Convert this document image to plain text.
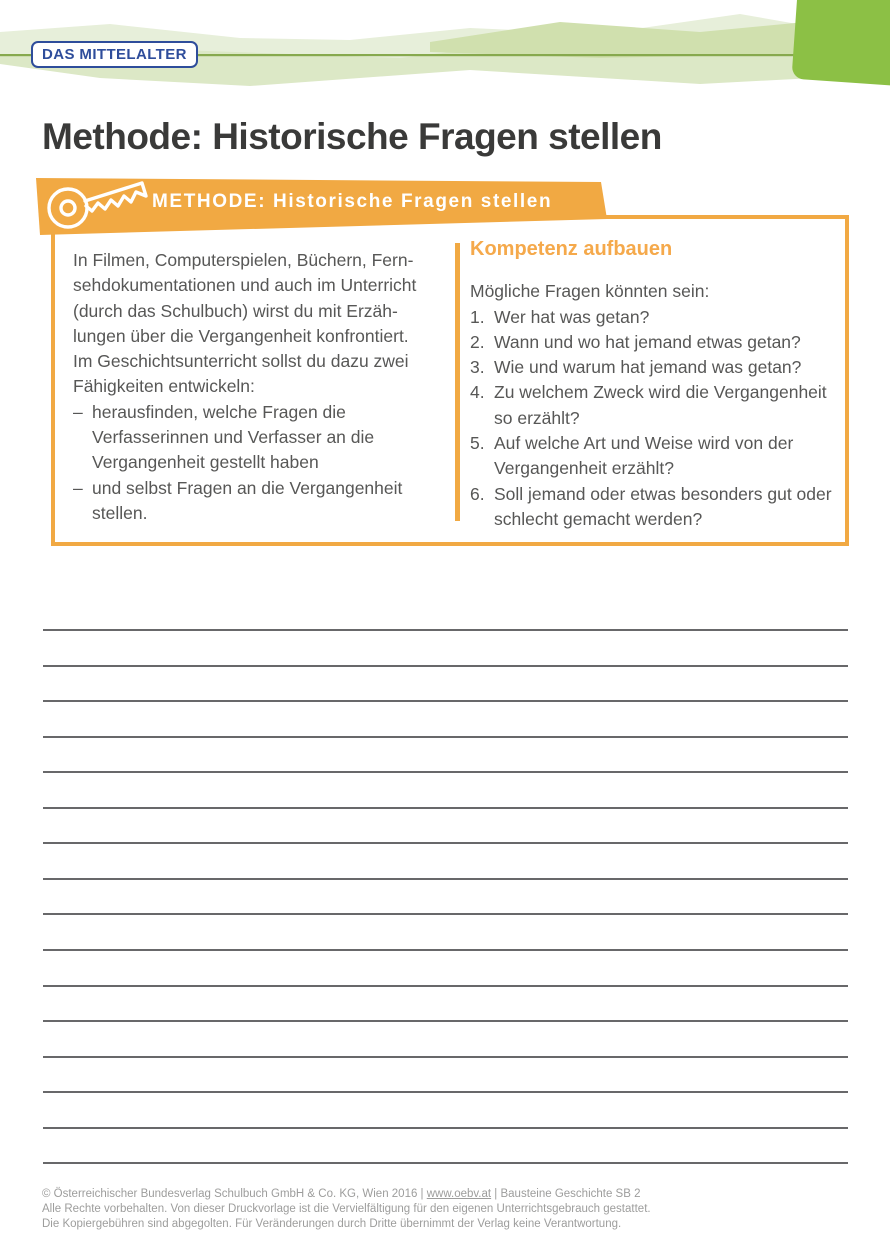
DAS MITTELALTER
Methode: Historische Fragen stellen
In Filmen, Computerspielen, Büchern, Fern-
sehdokumentationen und auch im Unterricht
(durch das Schulbuch) wirst du mit Erzäh-
lungen über die Vergangenheit konfrontiert.
Im Geschichtsunterricht sollst du dazu zwei
Fähigkeiten entwickeln:
– herausfinden, welche Fragen die
Verfasserinnen und Verfasser an die
Vergangenheit gestellt haben
– und selbst Fragen an die Vergangenheit
stellen.

Kompetenz aufbauen

Mögliche Fragen könnten sein:
1. Wer hat was getan?
2. Wann und wo hat jemand etwas getan?
3. Wie und warum hat jemand was getan?
4. Zu welchem Zweck wird die Vergangenheit
so erzählt?
5. Auf welche Art und Weise wird von der
Vergangenheit erzählt?
6. Soll jemand oder etwas besonders gut oder
schlecht gemacht werden?
METHODE: Historische Fragen stellen
© Österreichischer Bundesverlag Schulbuch GmbH & Co. KG, Wien 2016 | www.oebv.at | Bausteine Geschichte SB 2
Alle Rechte vorbehalten. Von dieser Druckvorlage ist die Vervielfältigung für den eigenen Unterrichtsgebrauch gestattet.
Die Kopiergebühren sind abgegolten. Für Veränderungen durch Dritte übernimmt der Verlag keine Verantwortung.
